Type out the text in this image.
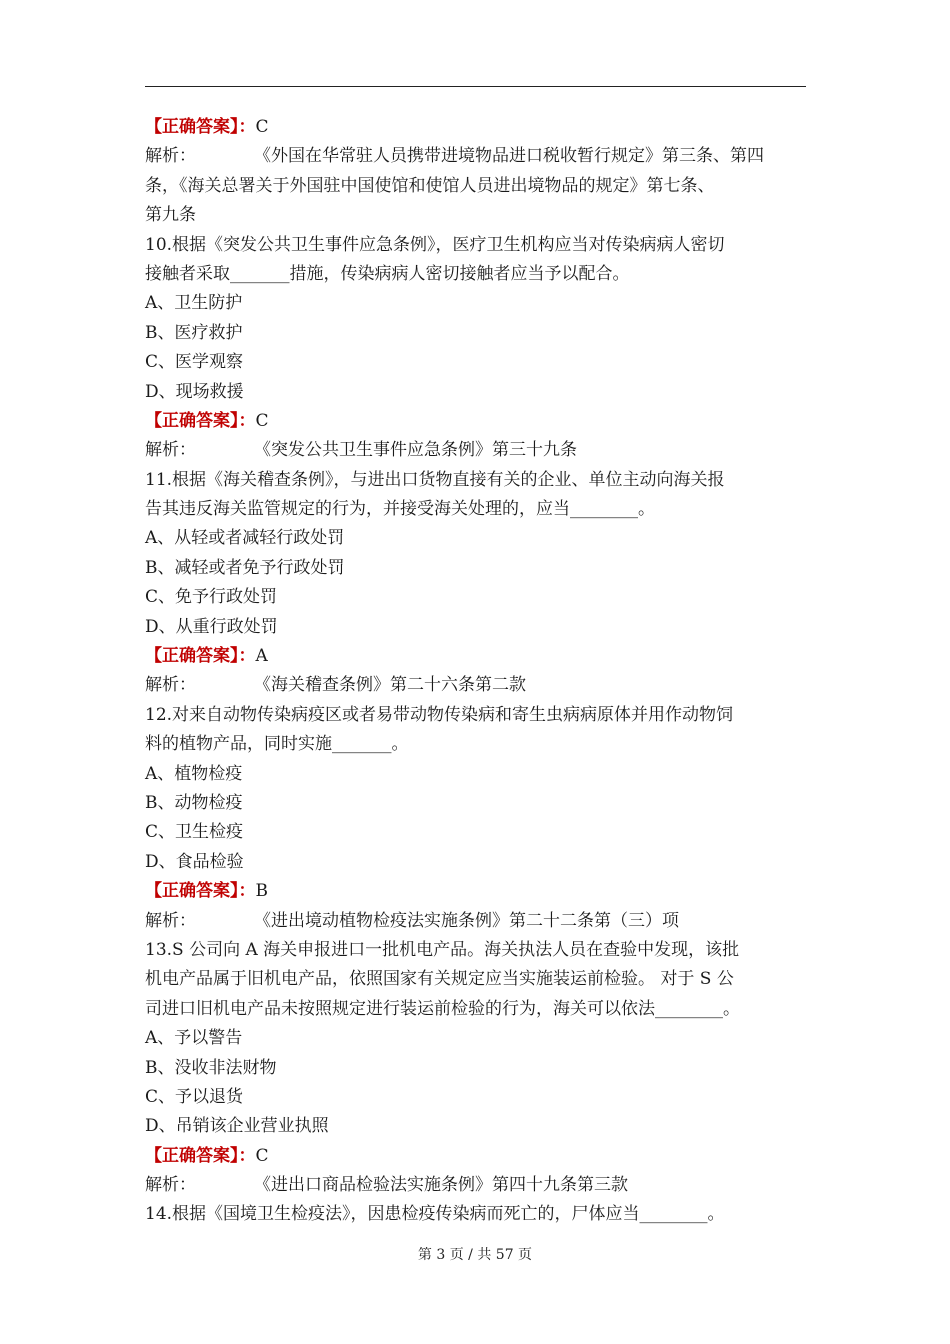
【正确答案】：C
解析：	《外国在华常驻人员携带进境物品进口税收暂行规定》第三条、第四
条，《海关总署关于外国驻中国使馆和使馆人员进出境物品的规定》第七条、
第九条
10.根据《突发公共卫生事件应急条例》，医疗卫生机构应当对传染病病人密切
接触者采取_______措施，传染病病人密切接触者应当予以配合。
A、卫生防护
B、医疗救护
C、医学观察
D、现场救援
【正确答案】：C
解析：	《突发公共卫生事件应急条例》第三十九条
11.根据《海关稽查条例》，与进出口货物直接有关的企业、单位主动向海关报
告其违反海关监管规定的行为，并接受海关处理的，应当________。
A、从轻或者减轻行政处罚
B、减轻或者免予行政处罚
C、免予行政处罚
D、从重行政处罚
【正确答案】：A
解析：	《海关稽查条例》第二十六条第二款
12.对来自动物传染病疫区或者易带动物传染病和寄生虫病病原体并用作动物饲
料的植物产品，同时实施_______。
A、植物检疫
B、动物检疫
C、卫生检疫
D、食品检验
【正确答案】：B
解析：	《进出境动植物检疫法实施条例》第二十二条第（三）项
13.S 公司向 A 海关申报进口一批机电产品。海关执法人员在查验中发现，该批
机电产品属于旧机电产品，依照国家有关规定应当实施装运前检验。 对于 S 公
司进口旧机电产品未按照规定进行装运前检验的行为，海关可以依法________。
A、予以警告
B、没收非法财物
C、予以退货
D、吊销该企业营业执照
【正确答案】：C
解析：	《进出口商品检验法实施条例》第四十九条第三款
14.根据《国境卫生检疫法》，因患检疫传染病而死亡的，尸体应当________。
第 3 页 / 共 57 页
